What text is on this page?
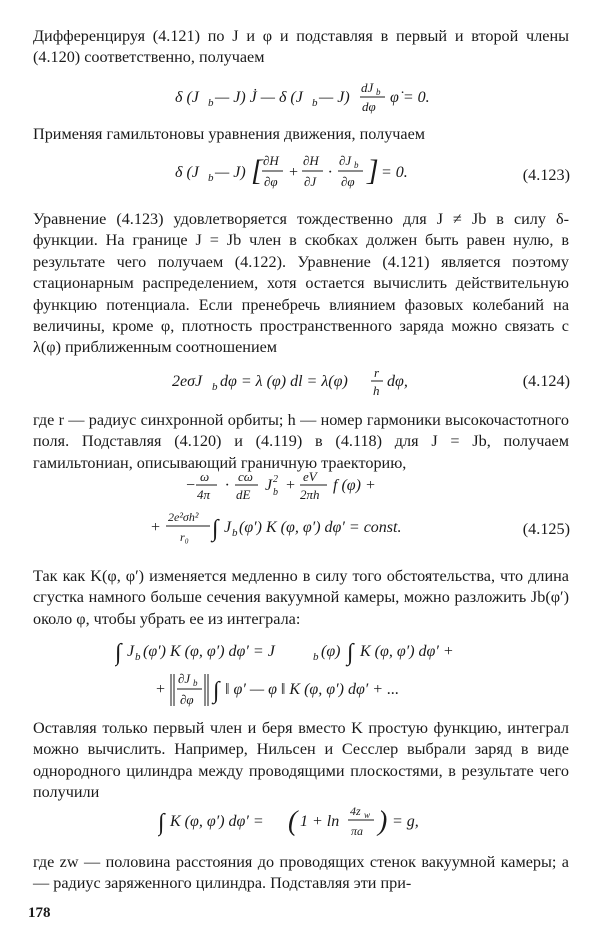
Дифференцируя (4.121) по J и φ и подставляя в первый и второй члены (4.120) соответственно, получаем

δ (J b — J) J̇ — δ (J b — J)
dJ b
dφ
φ̇ = 0.

Применяя гамильтоновы уравнения движения, получаем

δ (J b — J) [ ∂H
∂φ
+
∂H
∂J
·
∂J b
∂φ ] = 0.	(4.123)

Уравнение (4.123) удовлетворяется тождественно для J ≠ Jb в силу δ-функции. На границе J = Jb член в скобках должен быть равен нулю, в результате чего получаем (4.122). Уравнение (4.121) является поэтому стационарным распределением, хотя остается вычислить действительную функцию потенциала. Если пренебречь влиянием фазовых колебаний на величины, кроме φ, плотность пространственного заряда можно связать с λ(φ) приближенным соотношением

2eσJ b dφ = λ (φ) dl = λ(φ)
r
h
dφ,	(4.124)

где r — радиус синхронной орбиты; h — номер гармоники высокочастотного поля. Подставляя (4.120) и (4.119) в (4.118) для J = Jb, получаем гамильтониан, описывающий граничную траекторию,

−
ω
4π
·
cω
dE
J 2
b +
eV
2πh
f (φ) +
+
2e²σh²
r₀ ∫ J b (φ′) K (φ, φ′) dφ′ = const.	(4.125)

Так как K(φ, φ′) изменяется медленно в силу того обстоятельства, что длина сгустка намного больше сечения вакуумной камеры, можно разложить Jb(φ′) около φ, чтобы убрать ее из интеграла:

∫ J b (φ′) K (φ, φ′) dφ′ = J	b (φ) ∫ K (φ, φ′) dφ′ +
+
∂J b
∂φ ∫ ‖ φ′ — φ ‖ K (φ, φ′) dφ′ + ...

Оставляя только первый член и беря вместо K простую функцию, интеграл можно вычислить. Например, Нильсен и Сесслер выбрали заряд в виде однородного цилиндра между проводящими плоскостями, в результате чего получили

∫ K (φ, φ′) dφ′ = ( 1 + ln
4z w
πa ) = g,

где zw — половина расстояния до проводящих стенок вакуумной камеры; a — радиус заряженного цилиндра. Подставляя эти при-

178
